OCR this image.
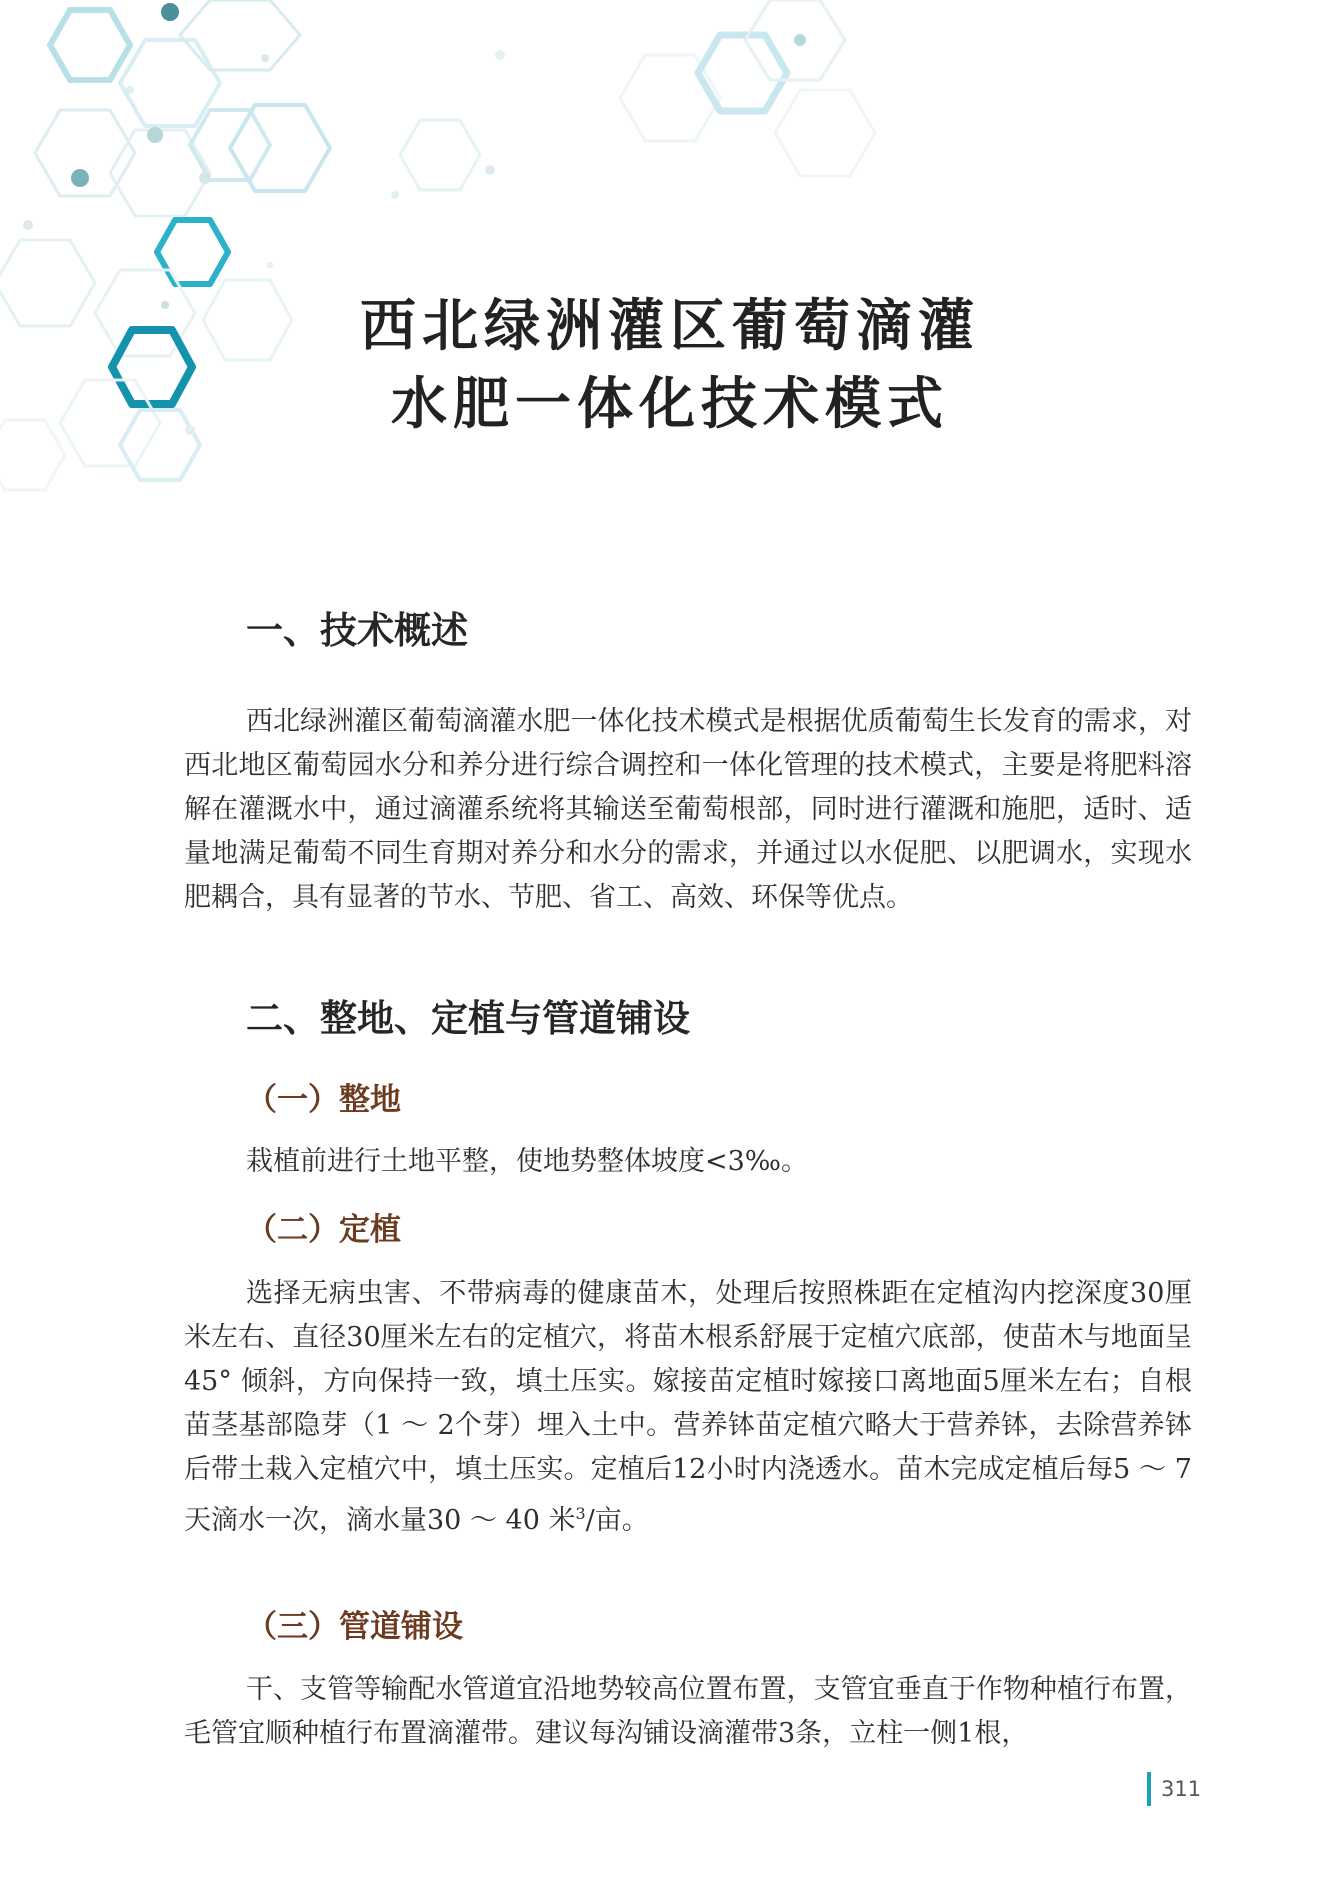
西北绿洲灌区葡萄滴灌
水肥一体化技术模式
一、技术概述

西北绿洲灌区葡萄滴灌水肥一体化技术模式是根据优质葡萄生长发育的需求，对西北地区葡萄园水分和养分进行综合调控和一体化管理的技术模式，主要是将肥料溶解在灌溉水中，通过滴灌系统将其输送至葡萄根部，同时进行灌溉和施肥，适时、适量地满足葡萄不同生育期对养分和水分的需求，并通过以水促肥、以肥调水，实现水肥耦合，具有显著的节水、节肥、省工、高效、环保等优点。

二、整地、定植与管道铺设
（一）整地

栽植前进行土地平整，使地势整体坡度<3‰。

（二）定植

选择无病虫害、不带病毒的健康苗木，处理后按照株距在定植沟内挖深度30厘米左右、直径30厘米左右的定植穴，将苗木根系舒展于定植穴底部，使苗木与地面呈45° 倾斜，方向保持一致，填土压实。嫁接苗定植时嫁接口离地面5厘米左右；自根苗茎基部隐芽（1 ～ 2个芽）埋入土中。营养钵苗定植穴略大于营养钵，去除营养钵后带土栽入定植穴中，填土压实。定植后12小时内浇透水。苗木完成定植后每5 ～ 7天滴水一次，滴水量30 ～ 40 米$^3$/亩。

（三）管道铺设

干、支管等输配水管道宜沿地势较高位置布置，支管宜垂直于作物种植行布置，毛管宜顺种植行布置滴灌带。建议每沟铺设滴灌带3条，立柱一侧1根，

311
